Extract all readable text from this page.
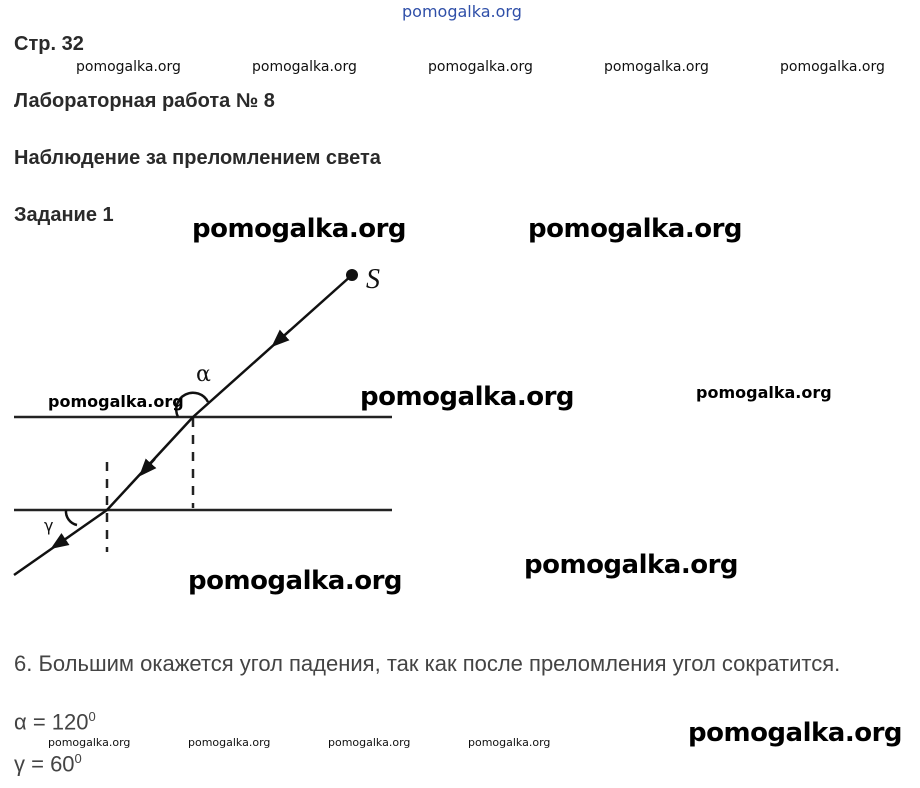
pomogalka.org
Стр. 32
pomogalka.org	pomogalka.org	pomogalka.org	pomogalka.org	pomogalka.org
Лабораторная работа № 8
Наблюдение за преломлением света
Задание 1	pomogalka.org	pomogalka.org
S
α
γ
pomogalka.org	pomogalka.org	pomogalka.org
pomogalka.org
pomogalka.org
6. Большим окажется угол падения, так как после преломления угол сократится.
$\alpha = 120^0$
$\gamma = 60^0$
pomogalka.org	pomogalka.org	pomogalka.org	pomogalka.org	pomogalka.org
